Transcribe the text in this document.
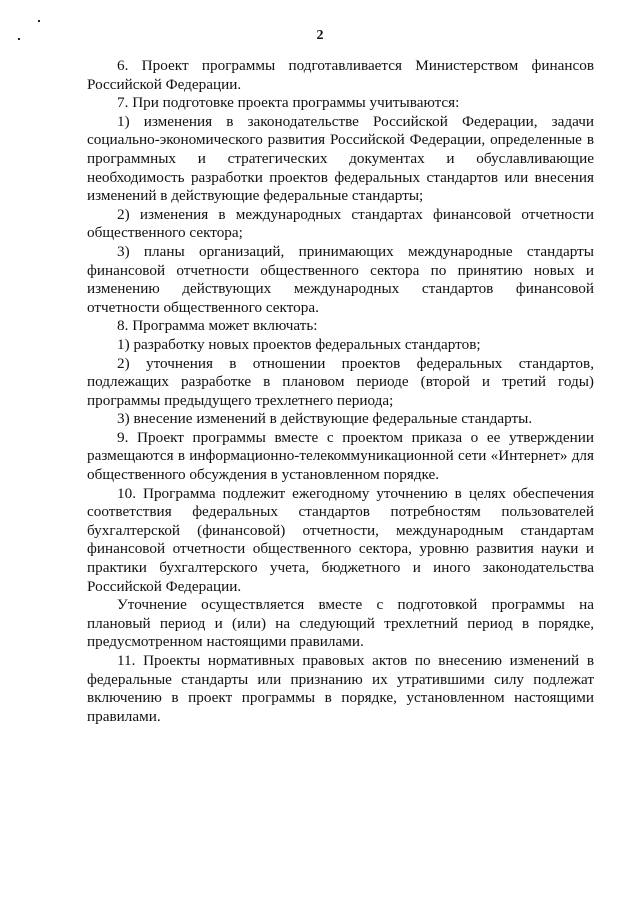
2

6. Проект программы подготавливается Министерством финансов Российской Федерации.

7. При подготовке проекта программы учитываются:

1) изменения в законодательстве Российской Федерации, задачи социально-экономического развития Российской Федерации, определенные в программных и стратегических документах и обуславливающие необходимость разработки проектов федеральных стандартов или внесения изменений в действующие федеральные стандарты;

2) изменения в международных стандартах финансовой отчетности общественного сектора;

3) планы организаций, принимающих международные стандарты финансовой отчетности общественного сектора по принятию новых и изменению действующих международных стандартов финансовой отчетности общественного сектора.

8. Программа может включать:

1) разработку новых проектов федеральных стандартов;

2) уточнения в отношении проектов федеральных стандартов, подлежащих разработке в плановом периоде (второй и третий годы) программы предыдущего трехлетнего периода;

3) внесение изменений в действующие федеральные стандарты.

9. Проект программы вместе с проектом приказа о ее утверждении размещаются в информационно-телекоммуникационной сети «Интернет» для общественного обсуждения в установленном порядке.

10. Программа подлежит ежегодному уточнению в целях обеспечения соответствия федеральных стандартов потребностям пользователей бухгалтерской (финансовой) отчетности, международным стандартам финансовой отчетности общественного сектора, уровню развития науки и практики бухгалтерского учета, бюджетного и иного законодательства Российской Федерации.

Уточнение осуществляется вместе с подготовкой программы на плановый период и (или) на следующий трехлетний период в порядке, предусмотренном настоящими правилами.

11. Проекты нормативных правовых актов по внесению изменений в федеральные стандарты или признанию их утратившими силу подлежат включению в проект программы в порядке, установленном настоящими правилами.
